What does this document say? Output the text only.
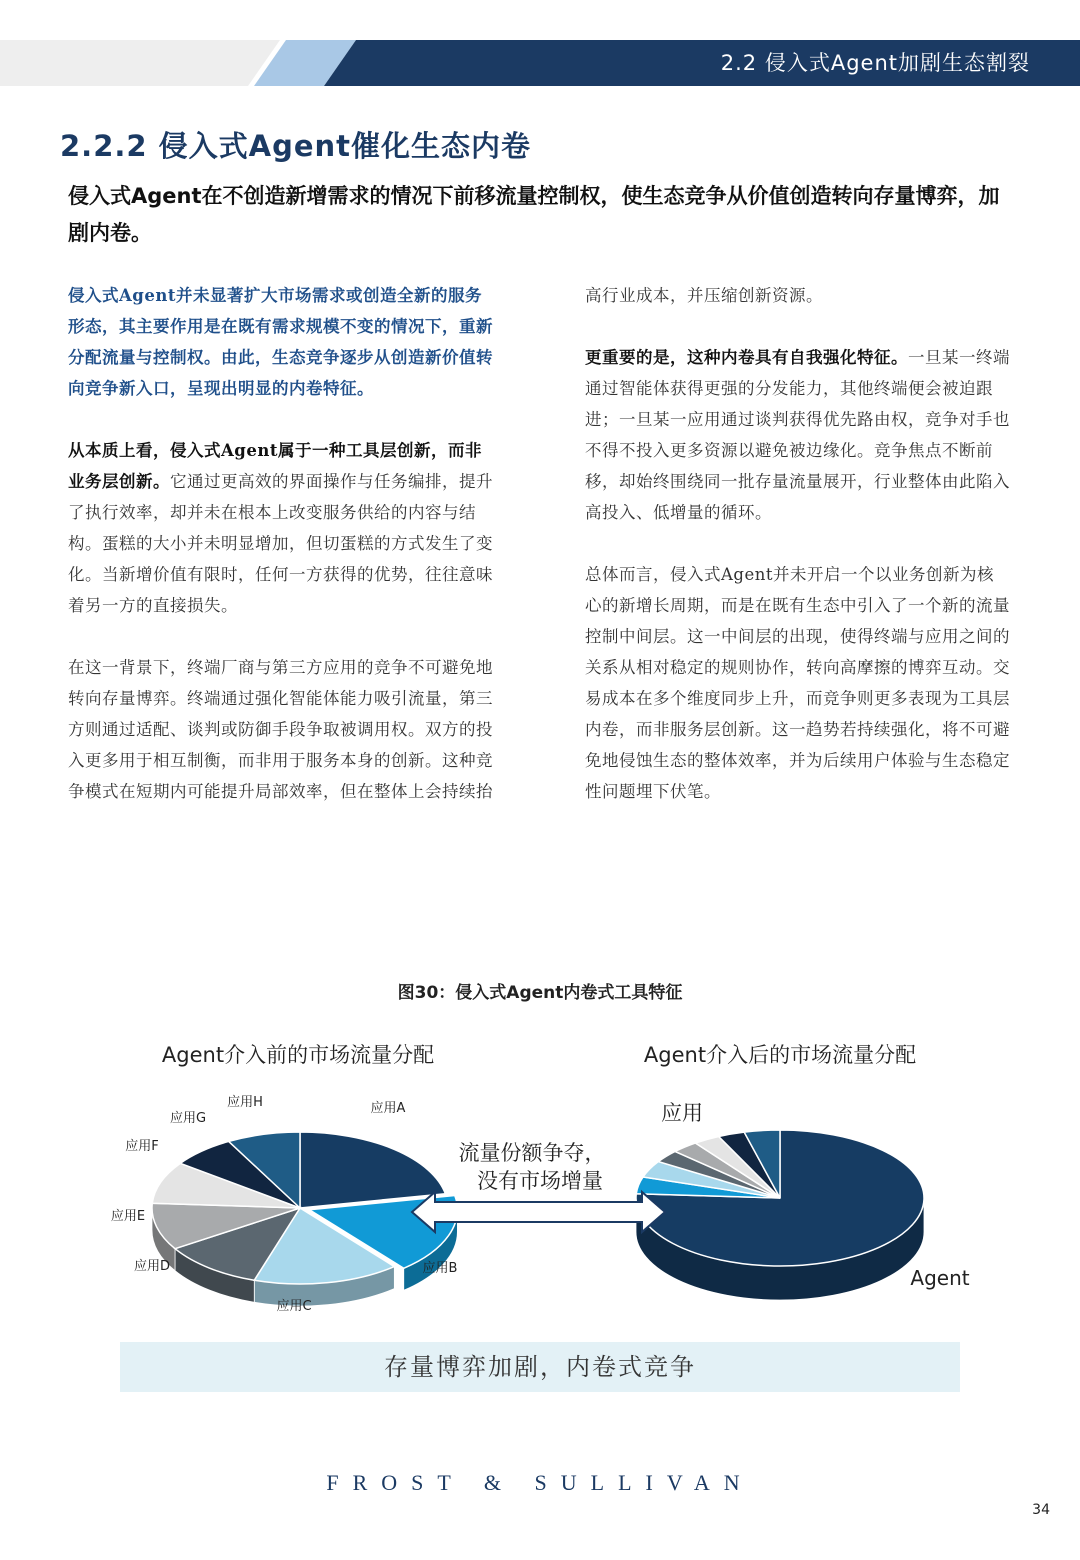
2.2 侵入式Agent加剧生态割裂
2.2.2 侵入式Agent催化生态内卷
侵入式Agent在不创造新增需求的情况下前移流量控制权，使生态竞争从价值创造转向存量博弈，加剧内卷。

侵入式Agent并未显著扩大市场需求或创造全新的服务形态，其主要作用是在既有需求规模不变的情况下，重新分配流量与控制权。由此，生态竞争逐步从创造新价值转向竞争新入口，呈现出明显的内卷特征。

从本质上看，侵入式Agent属于一种工具层创新，而非业务层创新。它通过更高效的界面操作与任务编排，提升了执行效率，却并未在根本上改变服务供给的内容与结构。蛋糕的大小并未明显增加，但切蛋糕的方式发生了变化。当新增价值有限时，任何一方获得的优势，往往意味着另一方的直接损失。

在这一背景下，终端厂商与第三方应用的竞争不可避免地转向存量博弈。终端通过强化智能体能力吸引流量，第三方则通过适配、谈判或防御手段争取被调用权。双方的投入更多用于相互制衡，而非用于服务本身的创新。这种竞争模式在短期内可能提升局部效率，但在整体上会持续抬

高行业成本，并压缩创新资源。

更重要的是，这种内卷具有自我强化特征。一旦某一终端通过智能体获得更强的分发能力，其他终端便会被迫跟进；一旦某一应用通过谈判获得优先路由权，竞争对手也不得不投入更多资源以避免被边缘化。竞争焦点不断前移，却始终围绕同一批存量流量展开，行业整体由此陷入高投入、低增量的循环。

总体而言，侵入式Agent并未开启一个以业务创新为核心的新增长周期，而是在既有生态中引入了一个新的流量控制中间层。这一中间层的出现，使得终端与应用之间的关系从相对稳定的规则协作，转向高摩擦的博弈互动。交易成本在多个维度同步上升，而竞争则更多表现为工具层内卷，而非服务层创新。这一趋势若持续强化，将不可避免地侵蚀生态的整体效率，并为后续用户体验与生态稳定性问题埋下伏笔。

图30：侵入式Agent内卷式工具特征
Agent介入前的市场流量分配	Agent介入后的市场流量分配
应用A
应用B
应用C
应用D
应用E
应用F
应用G
应用H
Agent
应用
流量份额争夺，
没有市场增量
存量博弈加剧，内卷式竞争
FROST & SULLIVAN
34
